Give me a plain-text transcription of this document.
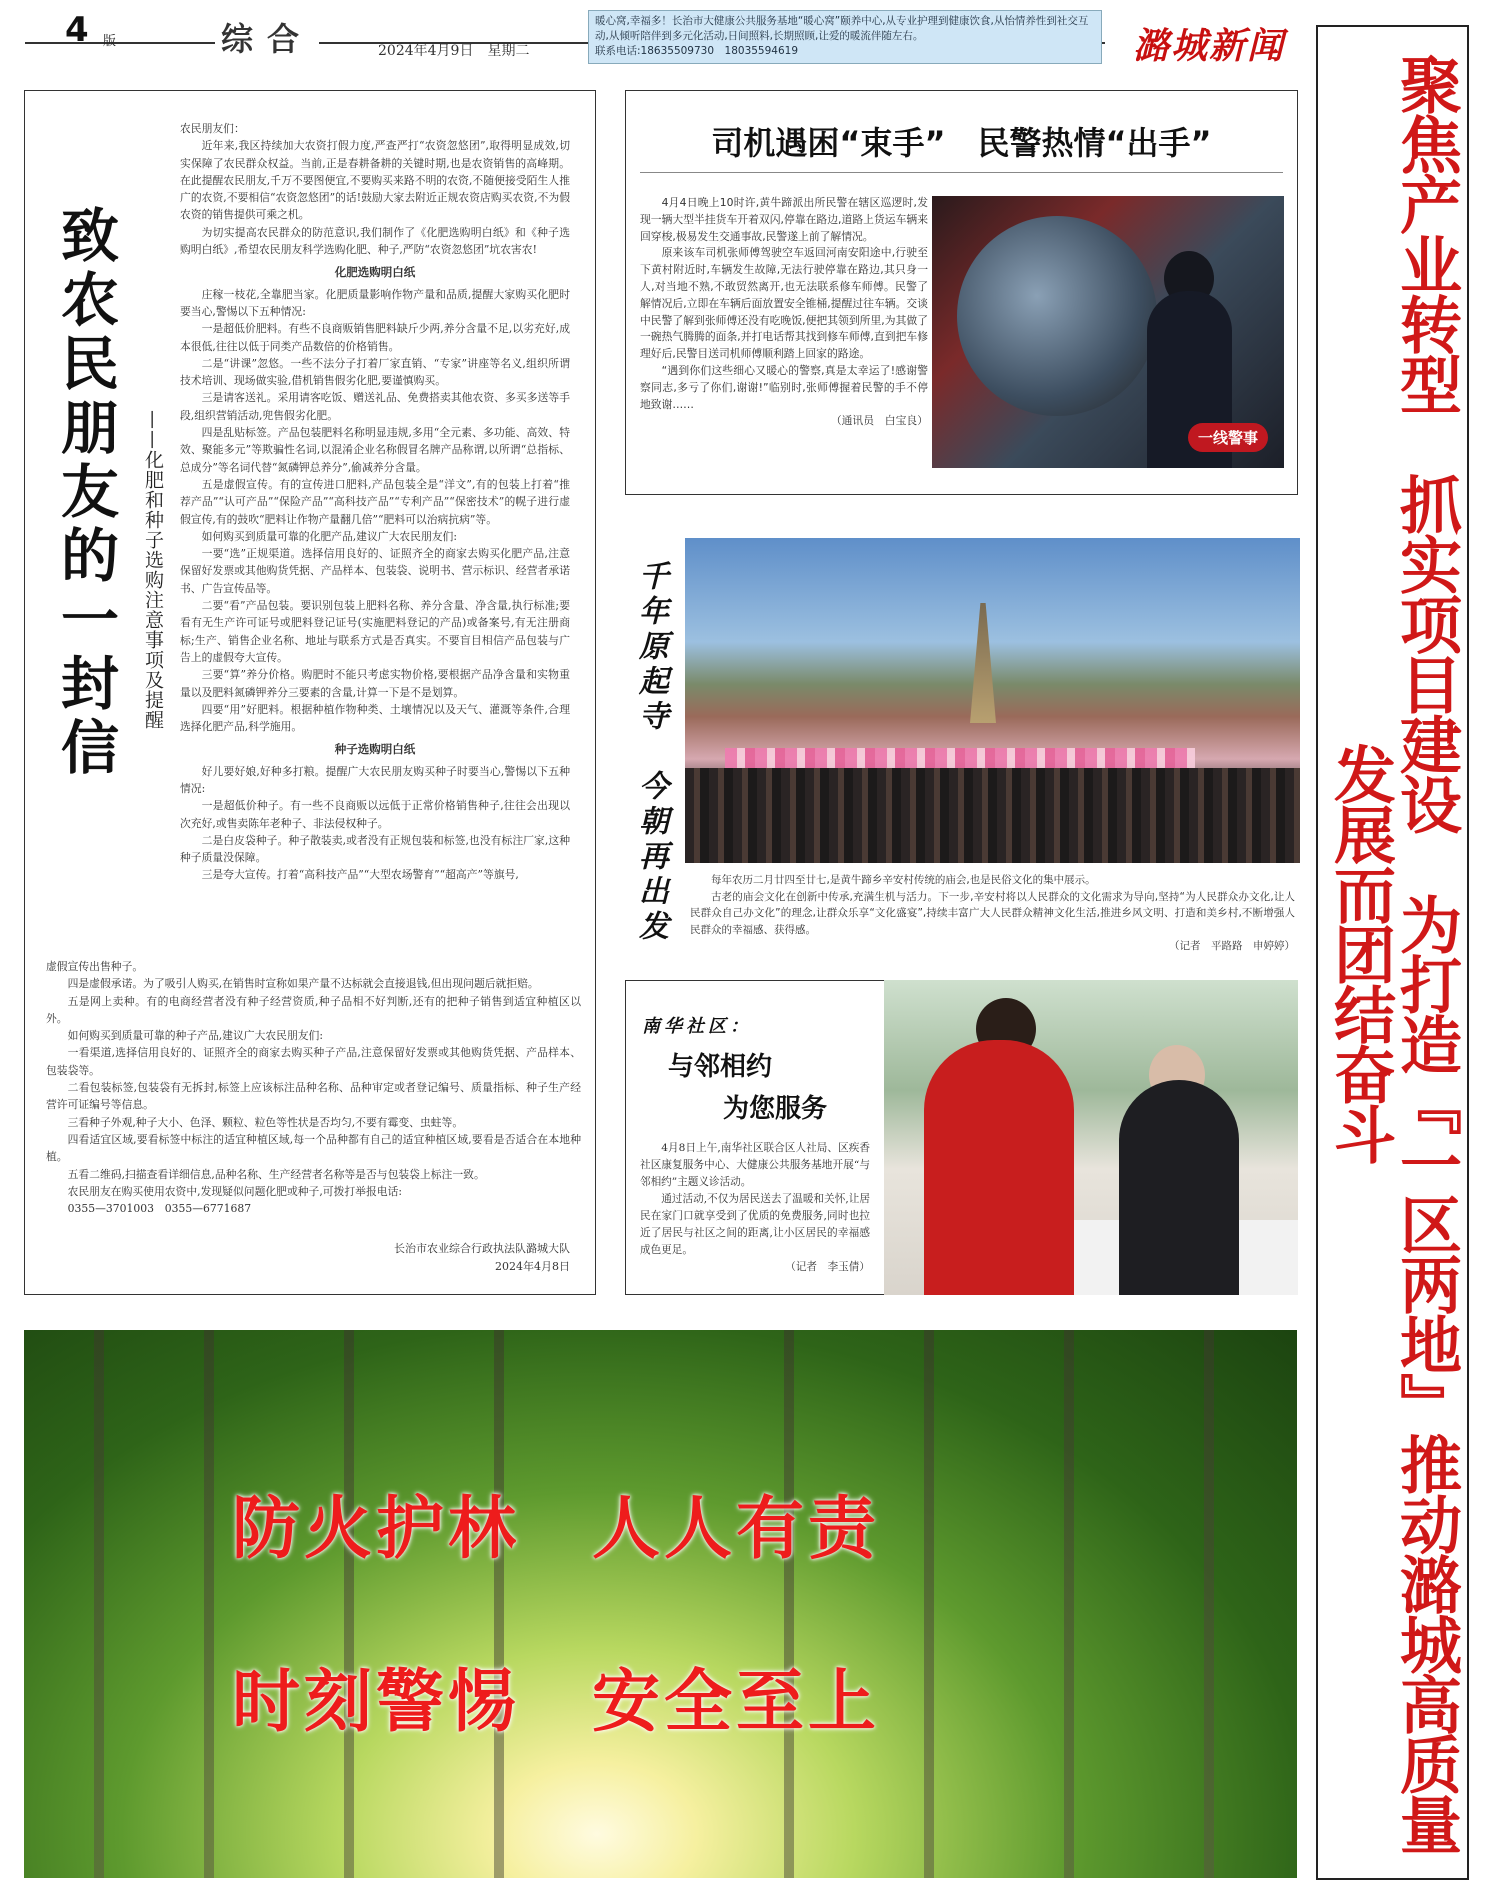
4 版	综合	2024年4月9日　星期二
暖心窝,幸福多！长治市大健康公共服务基地“暖心窝”颐养中心,从专业护理到健康饮食,从怡情养性到社交互动,从倾听陪伴到多元化活动,日间照料,长期照顾,让爱的暖流伴随左右。
联系电话:18635509730　18035594619	潞城新闻
聚焦产业转型　抓实项目建设　为打造『一区两地』推动潞城高质量发展而团结奋斗
致农民朋友的一封信 ——化肥和种子选购注意事项及提醒

农民朋友们：

近年来,我区持续加大农资打假力度,严查严打“农资忽悠团”,取得明显成效,切实保障了农民群众权益。当前,正是春耕备耕的关键时期,也是农资销售的高峰期。在此提醒农民朋友,千万不要图便宜,不要购买来路不明的农资,不随便接受陌生人推广的农资,不要相信“农资忽悠团”的话!鼓励大家去附近正规农资店购买农资,不为假农资的销售提供可乘之机。

为切实提高农民群众的防范意识,我们制作了《化肥选购明白纸》和《种子选购明白纸》,希望农民朋友科学选购化肥、种子,严防“农资忽悠团”坑农害农!

化肥选购明白纸

庄稼一枝花,全靠肥当家。化肥质量影响作物产量和品质,提醒大家购买化肥时要当心,警惕以下五种情况:

一是超低价肥料。有些不良商贩销售肥料缺斤少两,养分含量不足,以劣充好,成本很低,往往以低于同类产品数倍的价格销售。

二是“讲课”忽悠。一些不法分子打着厂家直销、“专家”讲座等名义,组织所谓技术培训、现场做实验,借机销售假劣化肥,要谨慎购买。

三是请客送礼。采用请客吃饭、赠送礼品、免费搭卖其他农资、多买多送等手段,组织营销活动,兜售假劣化肥。

四是乱贴标签。产品包装肥料名称明显违规,多用“全元素、多功能、高效、特效、聚能多元”等欺骗性名词,以混淆企业名称假冒名牌产品称谓,以所谓“总指标、总成分”等名词代替“氮磷钾总养分”,偷减养分含量。

五是虚假宣传。有的宣传进口肥料,产品包装全是“洋文”,有的包装上打着“推荐产品”“认可产品”“保险产品”“高科技产品”“专利产品”“保密技术”的幌子进行虚假宣传,有的鼓吹“肥料让作物产量翻几倍”“肥料可以治病抗病”等。

如何购买到质量可靠的化肥产品,建议广大农民朋友们:

一要“选”正规渠道。选择信用良好的、证照齐全的商家去购买化肥产品,注意保留好发票或其他购货凭据、产品样本、包装袋、说明书、营示标识、经营者承诺书、广告宣传品等。

二要“看”产品包装。要识别包装上肥料名称、养分含量、净含量,执行标准;要看有无生产许可证号或肥料登记证号(实施肥料登记的产品)或备案号,有无注册商标;生产、销售企业名称、地址与联系方式是否真实。不要盲目相信产品包装与广告上的虚假夸大宣传。

三要“算”养分价格。购肥时不能只考虑实物价格,要根据产品净含量和实物重量以及肥料氮磷钾养分三要素的含量,计算一下是不是划算。

四要“用”好肥料。根据种植作物种类、土壤情况以及天气、灌溉等条件,合理选择化肥产品,科学施用。

种子选购明白纸

好儿要好娘,好种多打粮。提醒广大农民朋友购买种子时要当心,警惕以下五种情况:

一是超低价种子。有一些不良商贩以远低于正常价格销售种子,往往会出现以次充好,或售卖陈年老种子、非法侵权种子。

二是白皮袋种子。种子散装卖,或者没有正规包装和标签,也没有标注厂家,这种种子质量没保障。

三是夸大宣传。打着“高科技产品”“大型农场警育”“超高产”等旗号,

虚假宣传出售种子。

四是虚假承诺。为了吸引人购买,在销售时宣称如果产量不达标就会直接退钱,但出现问题后就拒赔。

五是网上卖种。有的电商经营者没有种子经营资质,种子品相不好判断,还有的把种子销售到适宜种植区以外。

如何购买到质量可靠的种子产品,建议广大农民朋友们:

一看渠道,选择信用良好的、证照齐全的商家去购买种子产品,注意保留好发票或其他购货凭据、产品样本、包装袋等。

二看包装标签,包装袋有无拆封,标签上应该标注品种名称、品种审定或者登记编号、质量指标、种子生产经营许可证编号等信息。

三看种子外观,种子大小、色泽、颗粒、粒色等性状是否均匀,不要有霉变、虫蛀等。

四看适宜区域,要看标签中标注的适宜种植区域,每一个品种都有自己的适宜种植区域,要看是否适合在本地种植。

五看二维码,扫描查看详细信息,品种名称、生产经营者名称等是否与包装袋上标注一致。

农民朋友在购买使用农资中,发现疑似问题化肥或种子,可拨打举报电话:

0355—3701003　0355—6771687

长治市农业综合行政执法队潞城大队
2024年4月8日
司机遇困“束手”　民警热情“出手”

4月4日晚上10时许,黄牛蹄派出所民警在辖区巡逻时,发现一辆大型半挂货车开着双闪,停靠在路边,道路上货运车辆来回穿梭,极易发生交通事故,民警遂上前了解情况。

原来该车司机张师傅驾驶空车返回河南安阳途中,行驶至下黄村附近时,车辆发生故障,无法行驶停靠在路边,其只身一人,对当地不熟,不敢贸然离开,也无法联系修车师傅。民警了解情况后,立即在车辆后面放置安全锥桶,提醒过往车辆。交谈中民警了解到张师傅还没有吃晚饭,便把其领到所里,为其做了一碗热气腾腾的面条,并打电话帮其找到修车师傅,直到把车修理好后,民警目送司机师傅顺利踏上回家的路途。

“遇到你们这些细心又暖心的警察,真是太幸运了!感谢警察同志,多亏了你们,谢谢!”临别时,张师傅握着民警的手不停地致谢……

（通讯员　白宝良）

一线警事
千年原起寺　今朝再出发	每年农历二月廿四至廿七,是黄牛蹄乡辛安村传统的庙会,也是民俗文化的集中展示。

古老的庙会文化在创新中传承,充满生机与活力。下一步,辛安村将以人民群众的文化需求为导向,坚持“为人民群众办文化,让人民群众自己办文化”的理念,让群众乐享“文化盛宴”,持续丰富广大人民群众精神文化生活,推进乡风文明、打造和美乡村,不断增强人民群众的幸福感、获得感。

（记者　平路路　申婷婷）

南华社区：
与邻相约
为您服务

4月8日上午,南华社区联合区人社局、区疾香社区康复服务中心、大健康公共服务基地开展“与邻相约”主题义诊活动。

通过活动,不仅为居民送去了温暖和关怀,让居民在家门口就享受到了优质的免费服务,同时也拉近了居民与社区之间的距离,让小区居民的幸福感成色更足。

（记者　李玉倩）

防火护林　人人有责
时刻警惕　安全至上
